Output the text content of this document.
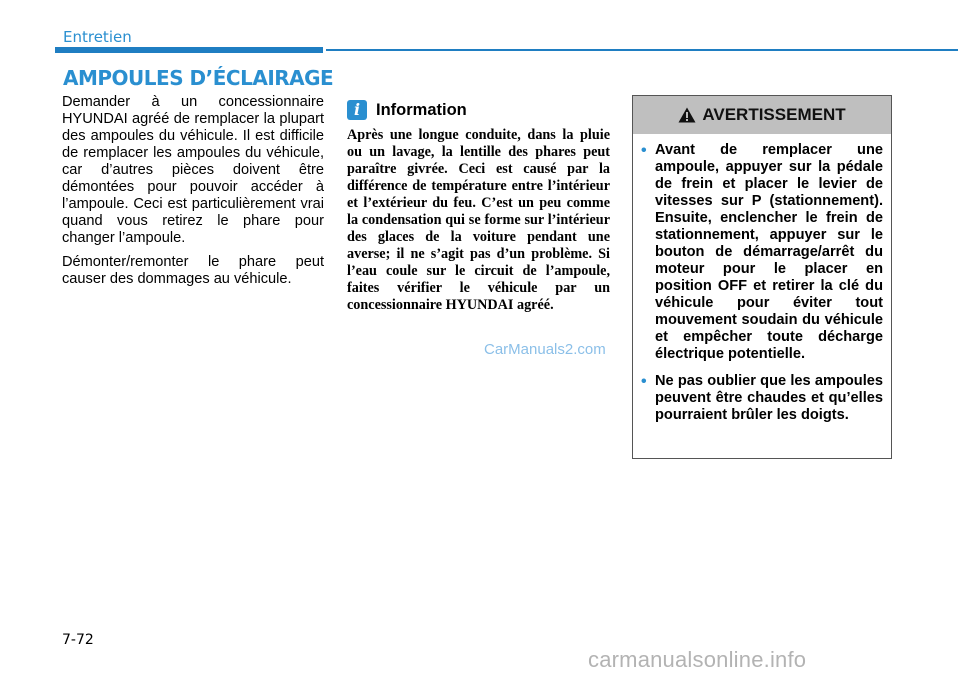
Entretien
AMPOULES D’ÉCLAIRAGE

Demander à un concessionnaire HYUNDAI agréé de remplacer la plupart des ampoules du véhicule. Il est difficile de remplacer les ampoules du véhicule, car d’autres pièces doivent être démontées pour pouvoir accéder à l’ampoule. Ceci est particulièrement vrai quand vous retirez le phare pour changer l’ampoule.

Démonter/remonter le phare peut causer des dommages au véhicule.

i Information

Après une longue conduite, dans la pluie ou un lavage, la lentille des phares peut paraître givrée. Ceci est causé par la différence de température entre l’intérieur et l’extérieur du feu. C’est un peu comme la condensation qui se forme sur l’intérieur des glaces de la voiture pendant une averse; il ne s’agit pas d’un problème. Si l’eau coule sur le circuit de l’ampoule, faites vérifier le véhicule par un concessionnaire HYUNDAI agréé.

CarManuals2.com
AVERTISSEMENT
• Avant de remplacer une ampoule, appuyer sur la pédale de frein et placer le levier de vitesses sur P (stationnement). Ensuite, enclencher le frein de stationnement, appuyer sur le bouton de démarrage/arrêt du moteur pour le placer en position OFF et retirer la clé du véhicule pour éviter tout mouvement soudain du véhicule et empêcher toute décharge électrique potentielle.
• Ne pas oublier que les ampoules peuvent être chaudes et qu’elles pourraient brûler les doigts.
7-72
carmanualsonline.info
